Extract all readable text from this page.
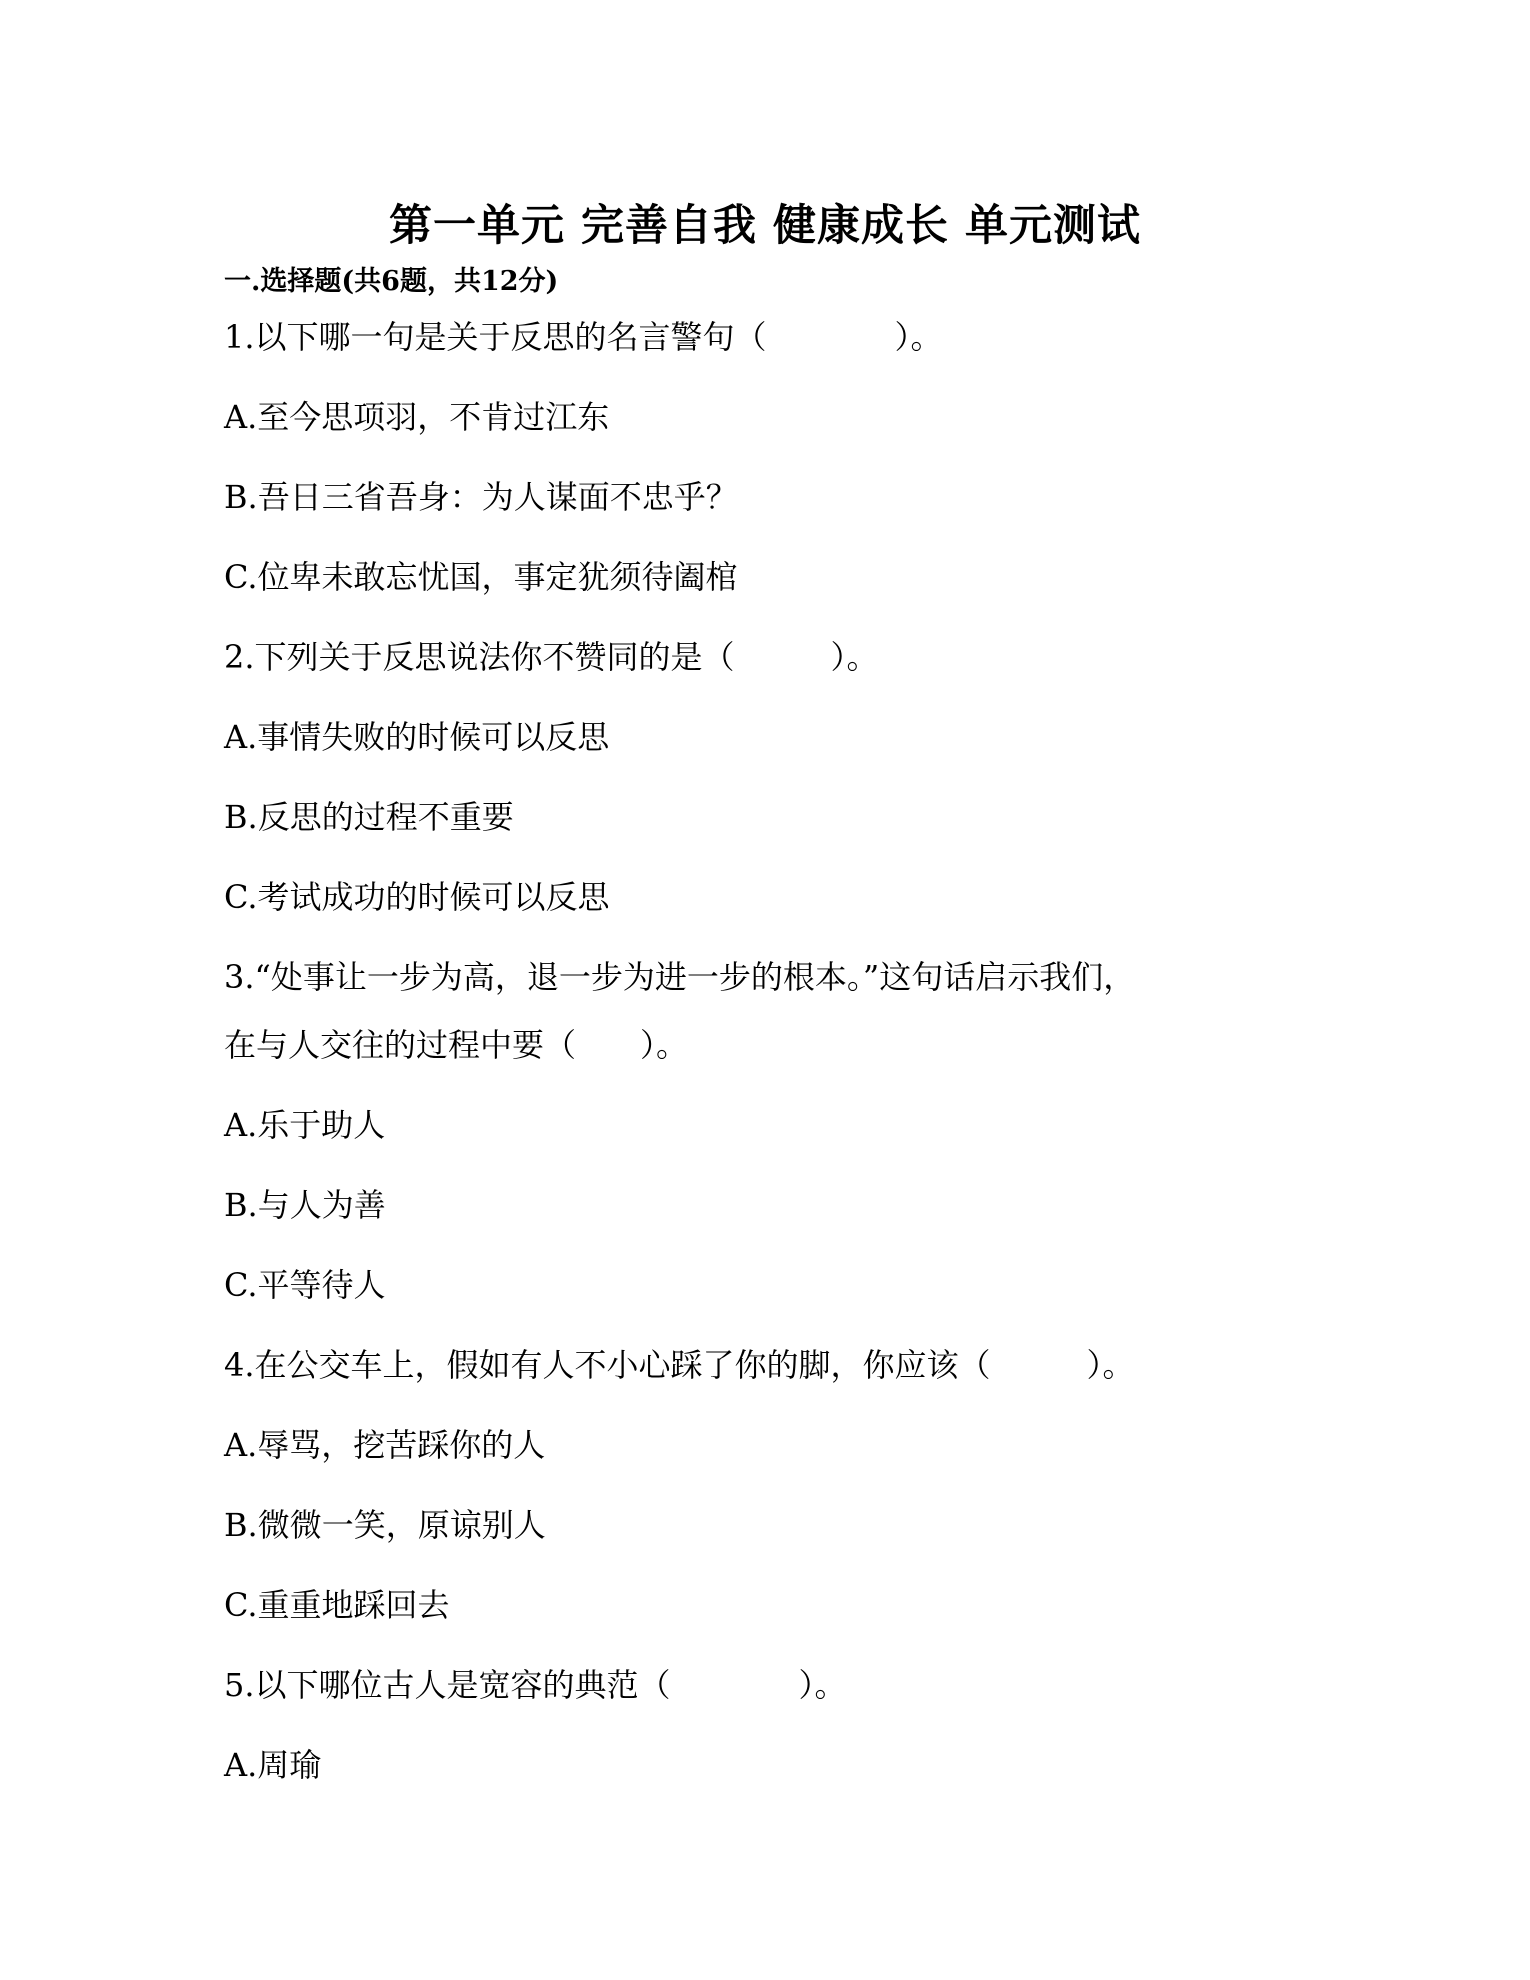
第一单元 完善自我 健康成长 单元测试
一.选择题(共6题，共12分)
1.以下哪一句是关于反思的名言警句（　　　　）。
A.至今思项羽，不肯过江东
B.吾日三省吾身：为人谋面不忠乎？
C.位卑未敢忘忧国，事定犹须待阖棺
2.下列关于反思说法你不赞同的是（　　　）。
A.事情失败的时候可以反思
B.反思的过程不重要
C.考试成功的时候可以反思
3.“处事让一步为高，退一步为进一步的根本。”这句话启示我们，
在与人交往的过程中要（　　）。
A.乐于助人
B.与人为善
C.平等待人
4.在公交车上，假如有人不小心踩了你的脚，你应该（　　　）。
A.辱骂，挖苦踩你的人
B.微微一笑，原谅别人
C.重重地踩回去
5.以下哪位古人是宽容的典范（　　　　）。
A.周瑜
